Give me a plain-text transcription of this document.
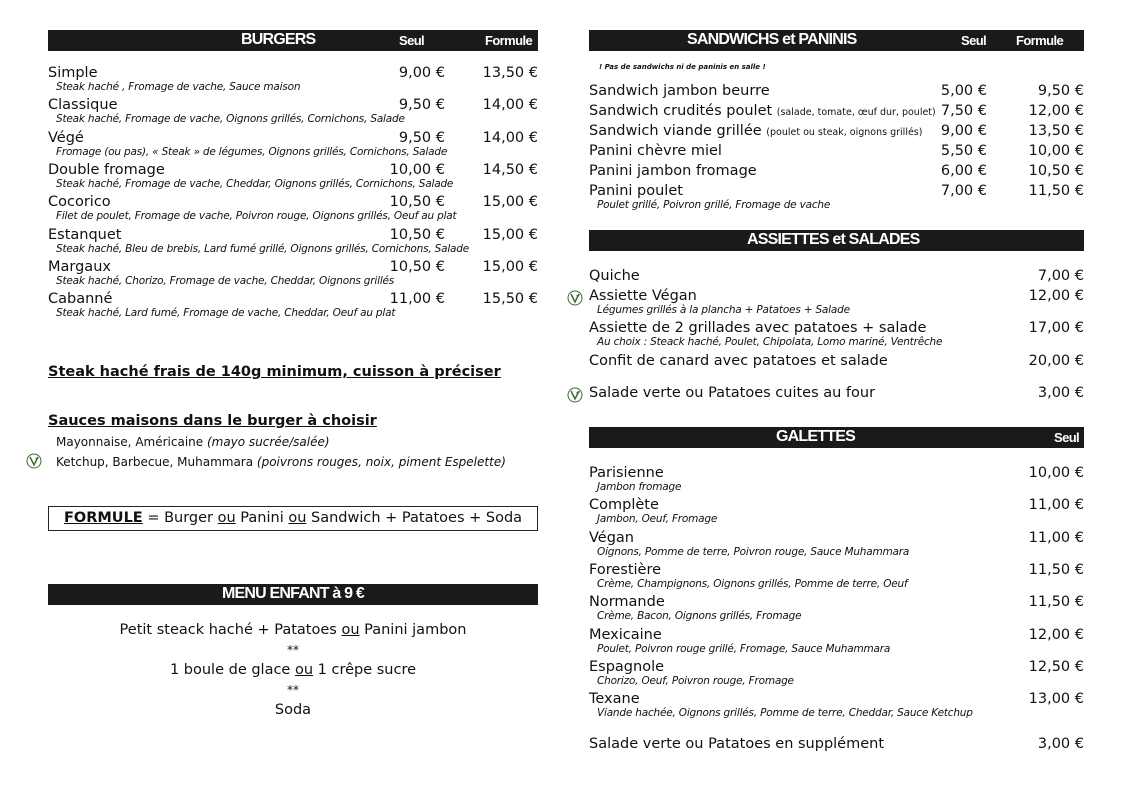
BURGERS	Seul	Formule
Simple
Steak haché , Fromage de vache, Sauce maison
9,00 €	13,50 €
Classique
Steak haché, Fromage de vache, Oignons grillés, Cornichons, Salade
9,50 €	14,00 €
Végé
Fromage (ou pas), « Steak » de légumes, Oignons grillés, Cornichons, Salade
9,50 €	14,00 €
Double fromage
Steak haché, Fromage de vache, Cheddar, Oignons grillés, Cornichons, Salade
10,00 €	14,50 €
Cocorico
Filet de poulet, Fromage de vache, Poivron rouge, Oignons grillés, Oeuf au plat
10,50 €	15,00 €
Estanquet
Steak haché, Bleu de brebis, Lard fumé grillé, Oignons grillés, Cornichons, Salade
10,50 €	15,00 €
Margaux
Steak haché, Chorizo, Fromage de vache, Cheddar, Oignons grillés
10,50 €	15,00 €
Cabanné
Steak haché, Lard fumé, Fromage de vache, Cheddar, Oeuf au plat
11,00 €	15,50 €
Steak haché frais de 140g minimum, cuisson à préciser
Sauces maisons dans le burger à choisir
Mayonnaise, Américaine (mayo sucrée/salée)
Ketchup, Barbecue, Muhammara (poivrons rouges, noix, piment Espelette)
FORMULE = Burger ou Panini ou Sandwich + Patatoes + Soda
MENU ENFANT à 9 €
Petit steack haché + Patatoes ou Panini jambon
**
1 boule de glace ou 1 crêpe sucre
**
Soda
SANDWICHS et PANINIS	Seul Formule
! Pas de sandwichs ni de paninis en salle !
Sandwich jambon beurre	5,00 €	9,50 €
Sandwich crudités poulet (salade, tomate, œuf dur, poulet) 7,50 €	12,00 €
Sandwich viande grillée (poulet ou steak, oignons grillés) 9,00 €	13,50 €
Panini chèvre miel	5,50 €	10,00 €
Panini jambon fromage	6,00 €	10,50 €
Panini poulet
Poulet grillé, Poivron grillé, Fromage de vache
7,00 €	11,50 €
ASSIETTES et SALADES
Quiche	7,00 €
Assiette Végan
Légumes grillés à la plancha + Patatoes + Salade
12,00 €
Assiette de 2 grillades avec patatoes + salade
Au choix : Steack haché, Poulet, Chipolata, Lomo mariné, Ventrêche
17,00 €
Confit de canard avec patatoes et salade	20,00 €
Salade verte ou Patatoes cuites au four	3,00 €
GALETTES	Seul
Parisienne
Jambon fromage
10,00 €
Complète
Jambon, Oeuf, Fromage
11,00 €
Végan
Oignons, Pomme de terre, Poivron rouge, Sauce Muhammara
11,00 €
Forestière
Crème, Champignons, Oignons grillés, Pomme de terre, Oeuf
11,50 €
Normande
Crème, Bacon, Oignons grillés, Fromage
11,50 €
Mexicaine
Poulet, Poivron rouge grillé, Fromage, Sauce Muhammara
12,00 €
Espagnole
Chorizo, Oeuf, Poivron rouge, Fromage
12,50 €
Texane
Viande hachée, Oignons grillés, Pomme de terre, Cheddar, Sauce Ketchup
13,00 €
Salade verte ou Patatoes en supplément	3,00 €
